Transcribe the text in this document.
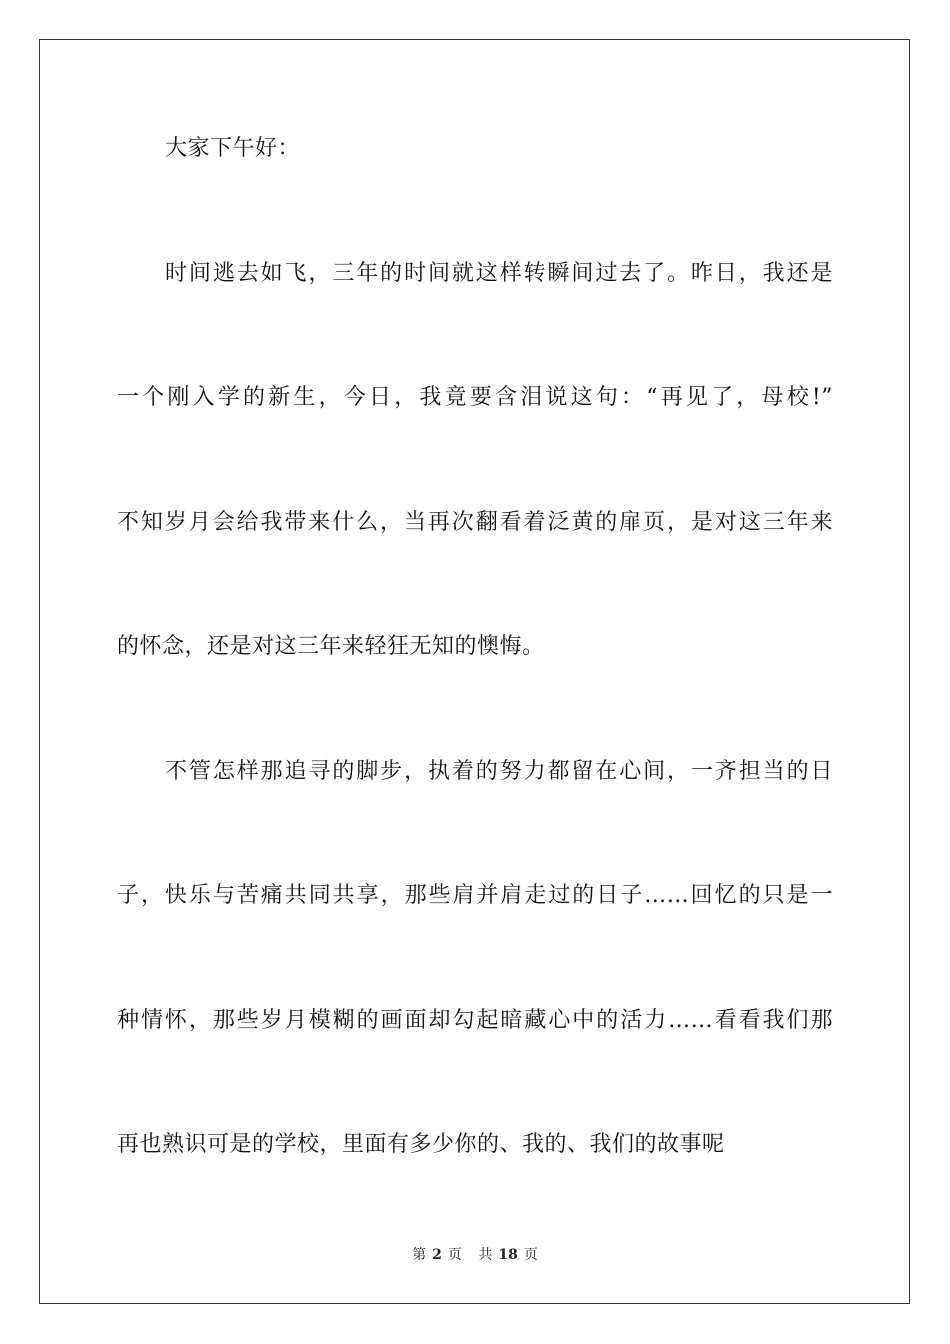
大家下午好：
时间逃去如飞，三年的时间就这样转瞬间过去了。昨日，我还是
一个刚入学的新生，今日，我竟要含泪说这句：“再见了，母校!”
不知岁月会给我带来什么，当再次翻看着泛黄的扉页，是对这三年来
的怀念，还是对这三年来轻狂无知的懊悔。
不管怎样那追寻的脚步，执着的努力都留在心间，一齐担当的日
子，快乐与苦痛共同共享，那些肩并肩走过的日子……回忆的只是一
种情怀，那些岁月模糊的画面却勾起暗藏心中的活力……看看我们那
再也熟识可是的学校，里面有多少你的、我的、我们的故事呢
第 2 页 共 18 页
